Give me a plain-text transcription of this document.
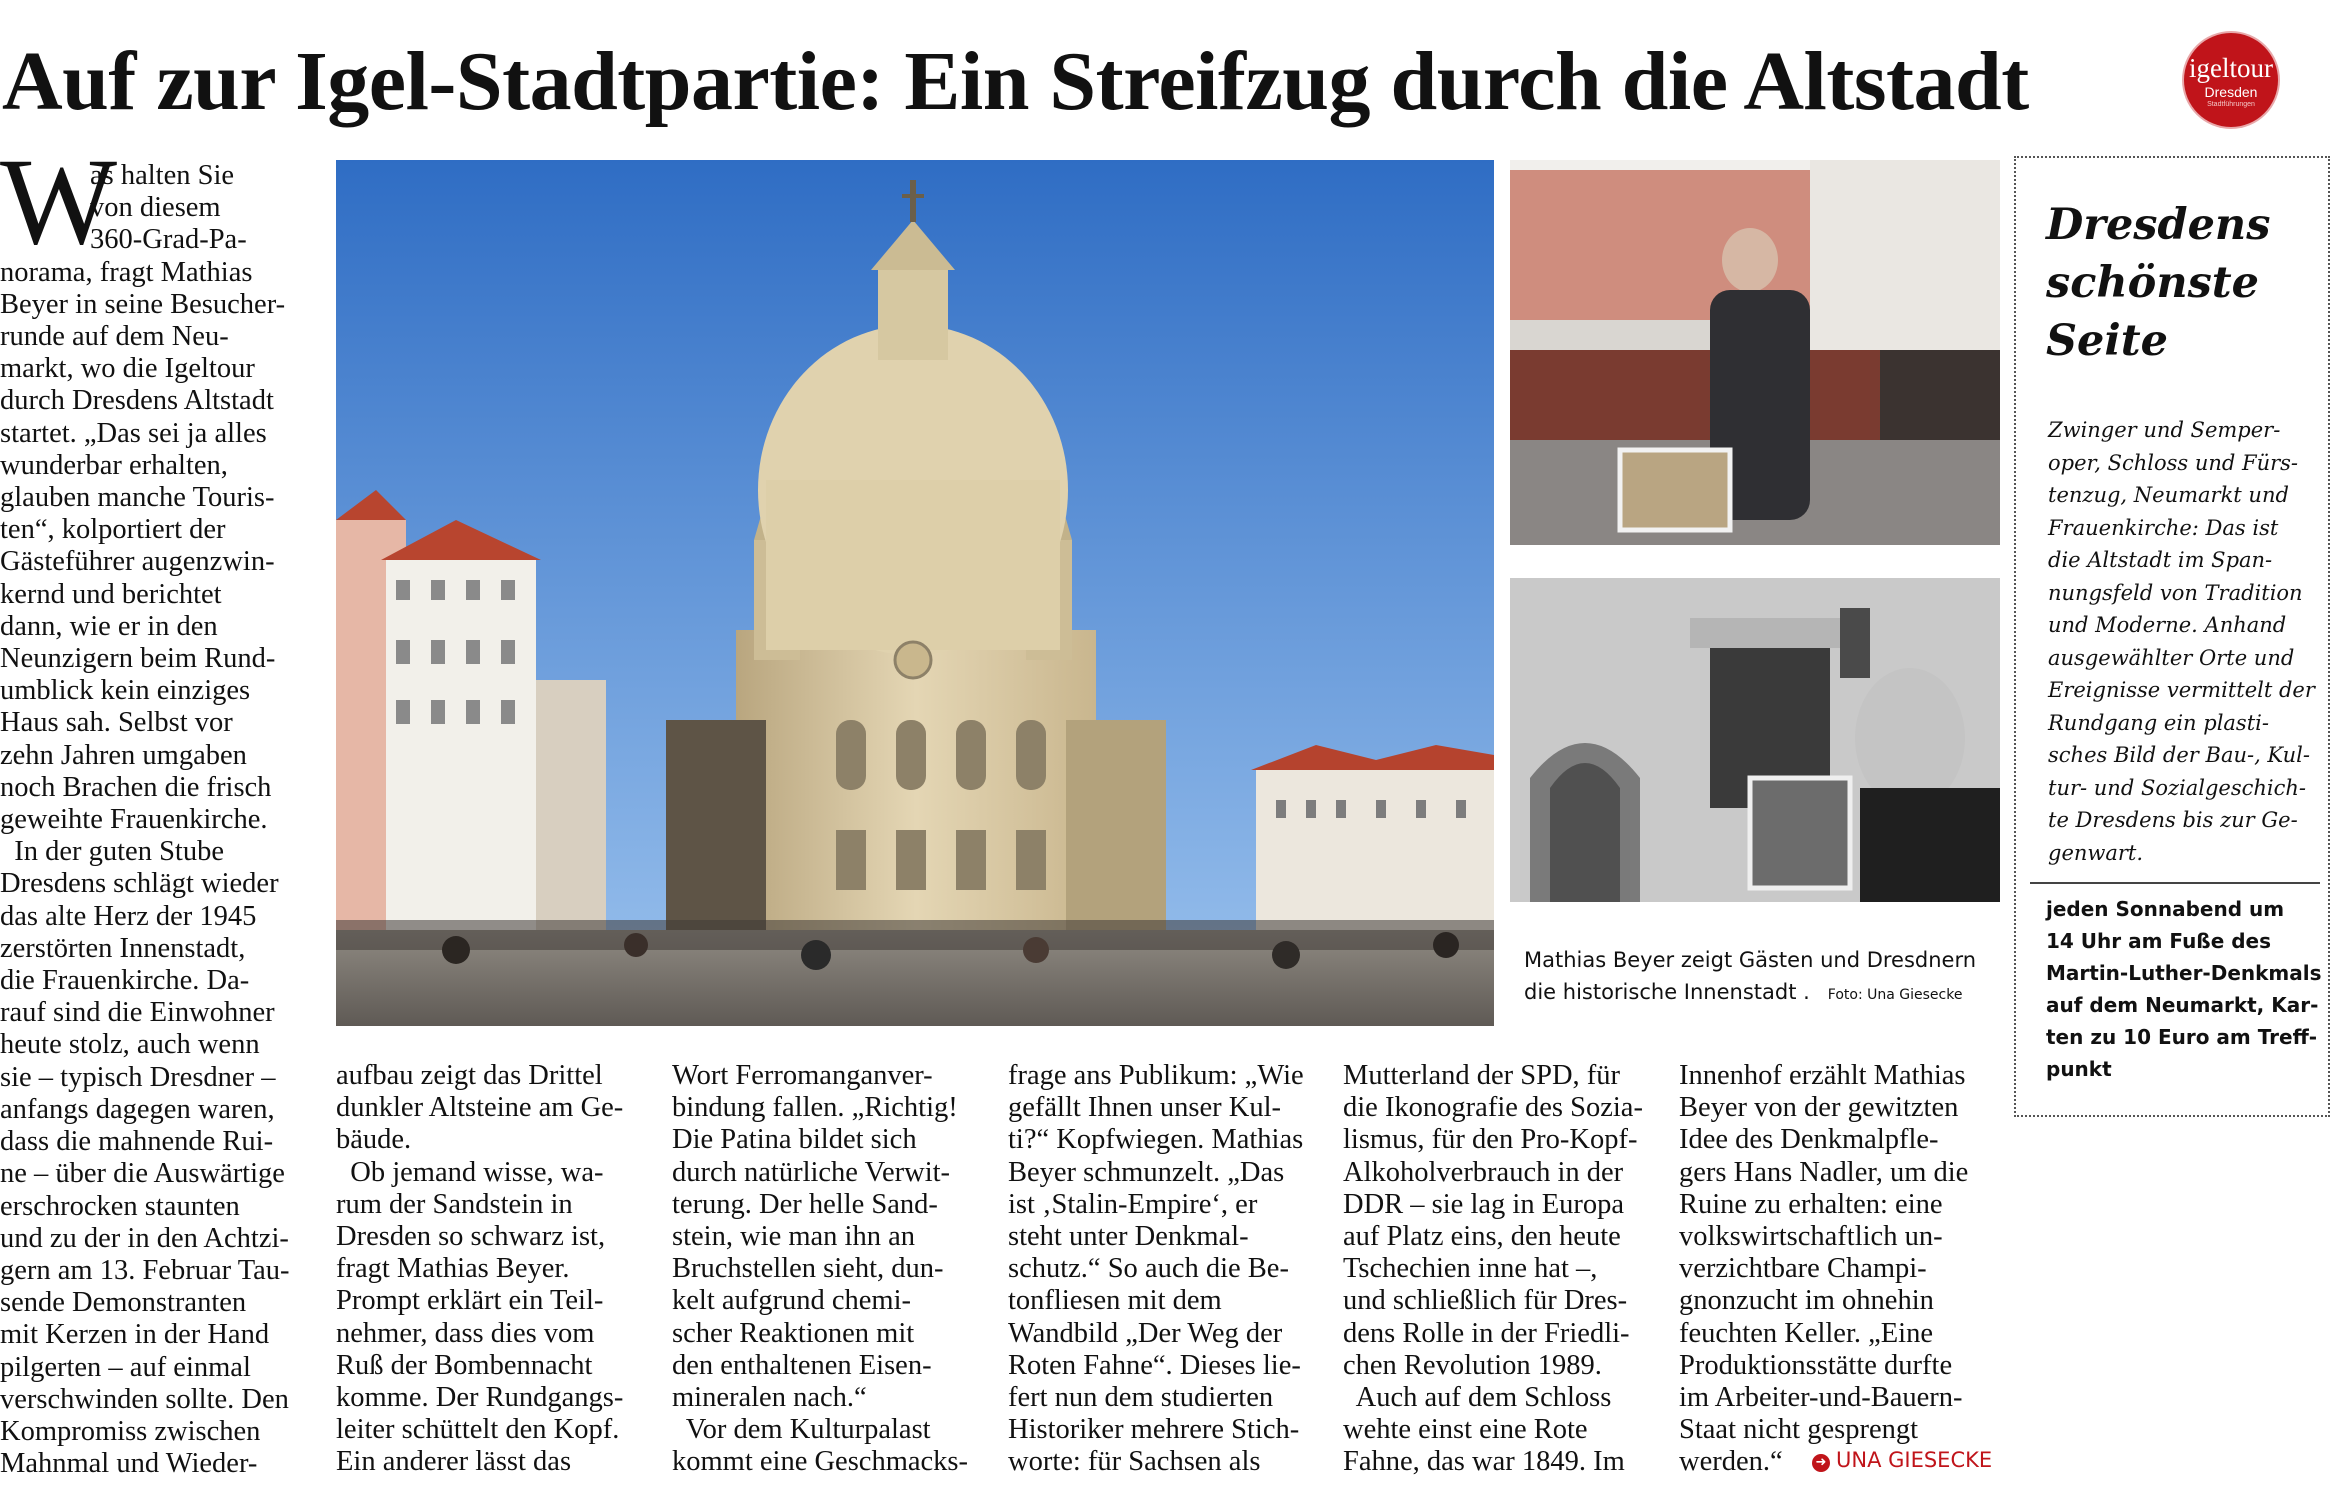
Auf zur Igel-Stadtpartie: Ein Streifzug durch die Altstadt	igeltour
Dresden
Stadtführungen
W
as halten Sie
von diesem
360-Grad-Pa-
norama, fragt Mathias
Beyer in seine Besucher-
runde auf dem Neu-
markt, wo die Igeltour
durch Dresdens Altstadt
startet. „Das sei ja alles
wunderbar erhalten,
glauben manche Touris-
ten“, kolportiert der
Gästeführer augenzwin-
kernd und berichtet
dann, wie er in den
Neunzigern beim Rund-
umblick kein einziges
Haus sah. Selbst vor
zehn Jahren umgaben
noch Brachen die frisch
geweihte Frauenkirche.
In der guten Stube
Dresdens schlägt wieder
das alte Herz der 1945
zerstörten Innenstadt,
die Frauenkirche. Da-
rauf sind die Einwohner
heute stolz, auch wenn
sie – typisch Dresdner –
anfangs dagegen waren,
dass die mahnende Rui-
ne – über die Auswärtige
erschrocken staunten
und zu der in den Achtzi-
gern am 13. Februar Tau-
sende Demonstranten
mit Kerzen in der Hand
pilgerten – auf einmal
verschwinden sollte. Den
Kompromiss zwischen
Mahnmal und Wieder-
aufbau zeigt das Drittel
dunkler Altsteine am Ge-
bäude.
Ob jemand wisse, wa-
rum der Sandstein in
Dresden so schwarz ist,
fragt Mathias Beyer.
Prompt erklärt ein Teil-
nehmer, dass dies vom
Ruß der Bombennacht
komme. Der Rundgangs-
leiter schüttelt den Kopf.
Ein anderer lässt das
Wort Ferromanganver-
bindung fallen. „Richtig!
Die Patina bildet sich
durch natürliche Verwit-
terung. Der helle Sand-
stein, wie man ihn an
Bruchstellen sieht, dun-
kelt aufgrund chemi-
scher Reaktionen mit
den enthaltenen Eisen-
mineralen nach.“
Vor dem Kulturpalast
kommt eine Geschmacks-
frage ans Publikum: „Wie
gefällt Ihnen unser Kul-
ti?“ Kopfwiegen. Mathias
Beyer schmunzelt. „Das
ist ‚Stalin-Empire‘, er
steht unter Denkmal-
schutz.“ So auch die Be-
tonfliesen mit dem
Wandbild „Der Weg der
Roten Fahne“. Dieses lie-
fert nun dem studierten
Historiker mehrere Stich-
worte: für Sachsen als
Mutterland der SPD, für
die Ikonografie des Sozia-
lismus, für den Pro-Kopf-
Alkoholverbrauch in der
DDR – sie lag in Europa
auf Platz eins, den heute
Tschechien inne hat –,
und schließlich für Dres-
dens Rolle in der Friedli-
chen Revolution 1989.
Auch auf dem Schloss
wehte einst eine Rote
Fahne, das war 1849. Im
Innenhof erzählt Mathias
Beyer von der gewitzten
Idee des Denkmalpfle-
gers Hans Nadler, um die
Ruine zu erhalten: eine
volkswirtschaftlich un-
verzichtbare Champi-
gnonzucht im ohnehin
feuchten Keller. „Eine
Produktionsstätte durfte
im Arbeiter-und-Bauern-
Staat nicht gesprengt
werden.“
Mathias Beyer zeigt Gästen und Dresdnern
die historische Innenstadt . Foto: Una Giesecke
Dresdens
schönste
Seite
Zwinger und Semper-
oper, Schloss und Fürs-
tenzug, Neumarkt und
Frauenkirche: Das ist
die Altstadt im Span-
nungsfeld von Tradition
und Moderne. Anhand
ausgewählter Orte und
Ereignisse vermittelt der
Rundgang ein plasti-
sches Bild der Bau-, Kul-
tur- und Sozialgeschich-
te Dresdens bis zur Ge-
genwart.
jeden Sonnabend um
14 Uhr am Fuße des
Martin-Luther-Denkmals
auf dem Neumarkt, Kar-
ten zu 10 Euro am Treff-
punkt
➜ UNA GIESECKE
